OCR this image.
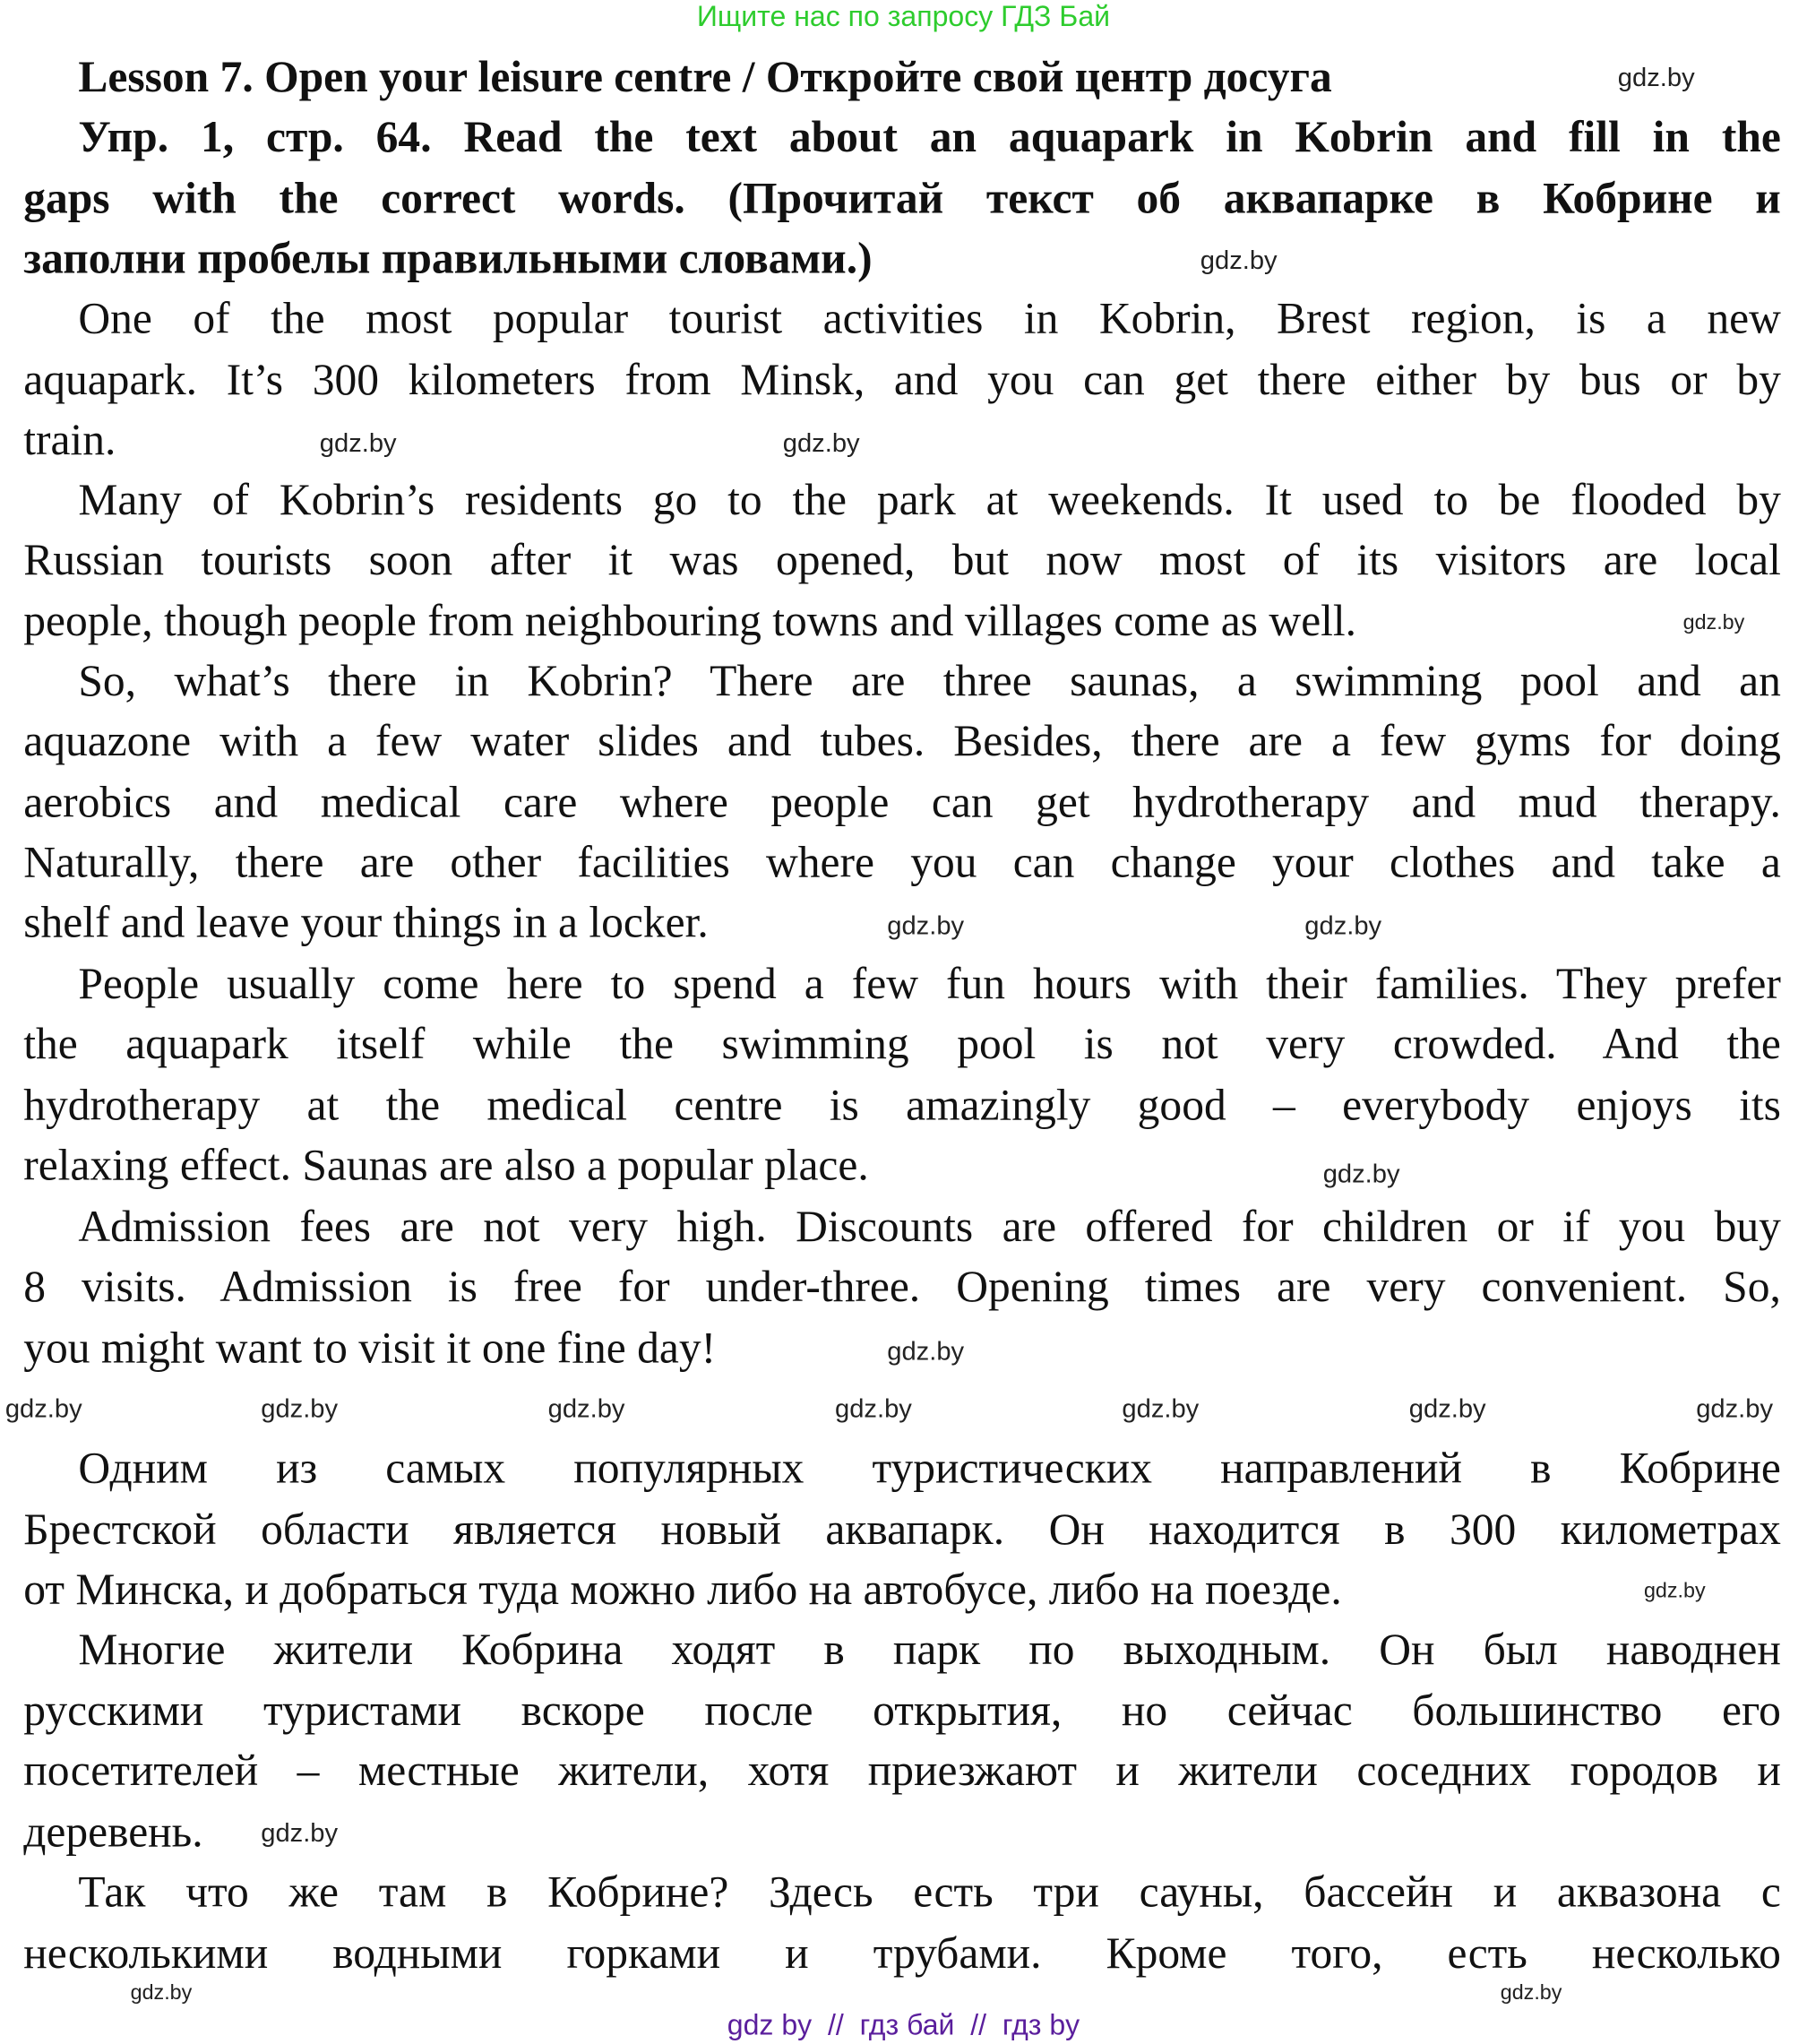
Ищите нас по запросу ГДЗ Бай
gdz by  //  гдз бай  //  гдз by
Lesson 7. Open your leisure centre / Откройте свой центр досуга
Упр. 1, стр. 64. Read the text about an aquapark in Kobrin and fill in the
gaps with the correct words. (Прочитай текст об аквапарке в Кобрине и
заполни пробелы правильными словами.)
One of the most popular tourist activities in Kobrin, Brest region, is a new
aquapark. It’s 300 kilometers from Minsk, and you can get there either by bus or by
train.
Many of Kobrin’s residents go to the park at weekends. It used to be flooded by
Russian tourists soon after it was opened, but now most of its visitors are local
people, though people from neighbouring towns and villages come as well.
So, what’s there in Kobrin? There are three saunas, a swimming pool and an
aquazone with a few water slides and tubes. Besides, there are a few gyms for doing
aerobics and medical care where people can get hydrotherapy and mud therapy.
Naturally, there are other facilities where you can change your clothes and take a
shelf and leave your things in a locker.
People usually come here to spend a few fun hours with their families. They prefer
the aquapark itself while the swimming pool is not very crowded. And the
hydrotherapy at the medical centre is amazingly good – everybody enjoys its
relaxing effect. Saunas are also a popular place.
Admission fees are not very high. Discounts are offered for children or if you buy
8 visits. Admission is free for under-three. Opening times are very convenient. So,
you might want to visit it one fine day!
Одним из самых популярных туристических направлений в Кобрине
Брестской области является новый аквапарк. Он находится в 300 километрах
от Минска, и добраться туда можно либо на автобусе, либо на поезде.
Многие жители Кобрина ходят в парк по выходным. Он был наводнен
русскими туристами вскоре после открытия, но сейчас большинство его
посетителей – местные жители, хотя приезжают и жители соседних городов и
деревень.
Так что же там в Кобрине? Здесь есть три сауны, бассейн и аквазона с
несколькими водными горками и трубами. Кроме того, есть несколько
gdz.by
gdz.by
gdz.by	gdz.by
gdz.by
gdz.by	gdz.by
gdz.by
gdz.by
gdz.by	gdz.by	gdz.by	gdz.by	gdz.by	gdz.by	gdz.by
gdz.by
gdz.by
gdz.by	gdz.by
